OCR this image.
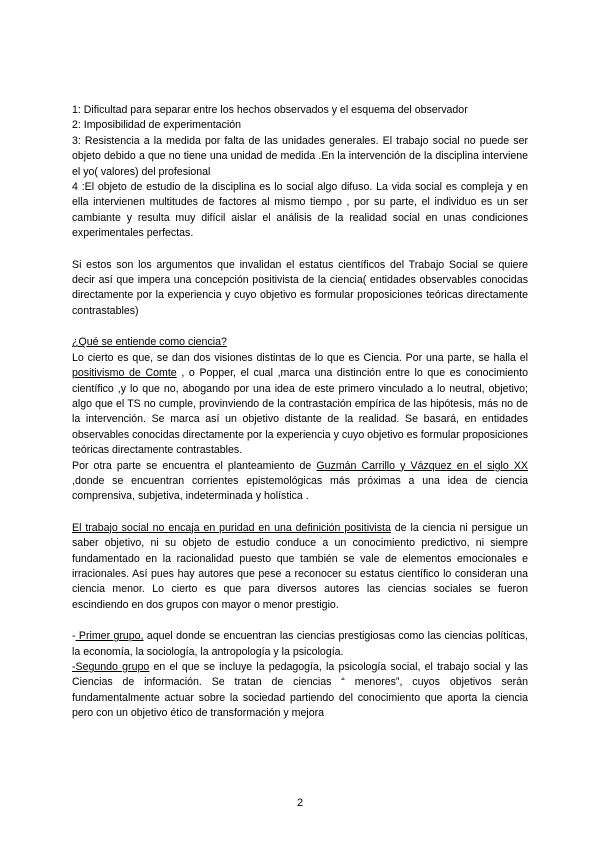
1: Dificultad para separar entre los hechos observados y el esquema del observador

2: Imposibilidad de experimentación

3: Resistencia a la medida por falta de las unidades generales. El trabajo social no puede ser objeto debido a que no tiene una unidad de medida .En la intervención de la disciplina interviene el yo( valores) del profesional

4 :El objeto de estudio de la disciplina es lo social algo difuso. La vida social es compleja y en ella intervienen multitudes de factores al mismo tiempo , por su parte, el individuo es un ser cambiante y resulta muy difícil aislar el análisis de la realidad social en unas condiciones experimentales perfectas.

Si estos son los argumentos que invalidan el estatus científicos del Trabajo Social se quiere decir así que impera una concepción positivista de la ciencia( entidades observables conocidas directamente por la experiencia y cuyo objetivo es formular proposiciones teóricas directamente contrastables)

¿Qué se entiende como ciencia?

Lo cierto es que, se dan dos visiones distintas de lo que es Ciencia. Por una parte, se halla el positivismo de Comte , o Popper, el cual ,marca una distinción entre lo que es conocimiento científico ,y lo que no, abogando por una idea de este primero vinculado a lo neutral, objetivo; algo que el TS no cumple, provinviendo de la contrastación empírica de las hipótesis, más no de la intervención. Se marca así un objetivo distante de la realidad. Se basará, en entidades observables conocidas directamente por la experiencia y cuyo objetivo es formular proposiciones teóricas directamente contrastables.

Por otra parte se encuentra el planteamiento de Guzmán Carrillo y Vázquez en el siglo XX ,donde se encuentran corrientes epistemológicas más próximas a una idea de ciencia comprensiva, subjetiva, indeterminada y holística .

El trabajo social no encaja en puridad en una definición positivista de la ciencia ni persigue un saber objetivo, ni su objeto de estudio conduce a un conocimiento predictivo, ni siempre fundamentado en la racionalidad puesto que también se vale de elementos emocionales e irracionales. Así pues hay autores que pese a reconocer su estatus científico lo consideran una ciencia menor. Lo cierto es que para diversos autores las ciencias sociales se fueron escindiendo en dos grupos con mayor o menor prestigio.

- Primer grupo, aquel donde se encuentran las ciencias prestigiosas como las ciencias políticas, la economía, la sociología, la antropología y la psicología.

-Segundo grupo en el que se incluye la pedagogía, la psicología social, el trabajo social y las Ciencias de información. Se tratan de ciencias “ menores”, cuyos objetivos serán fundamentalmente actuar sobre la sociedad partiendo del conocimiento que aporta la ciencia pero con un objetivo ético de transformación y mejora

2
